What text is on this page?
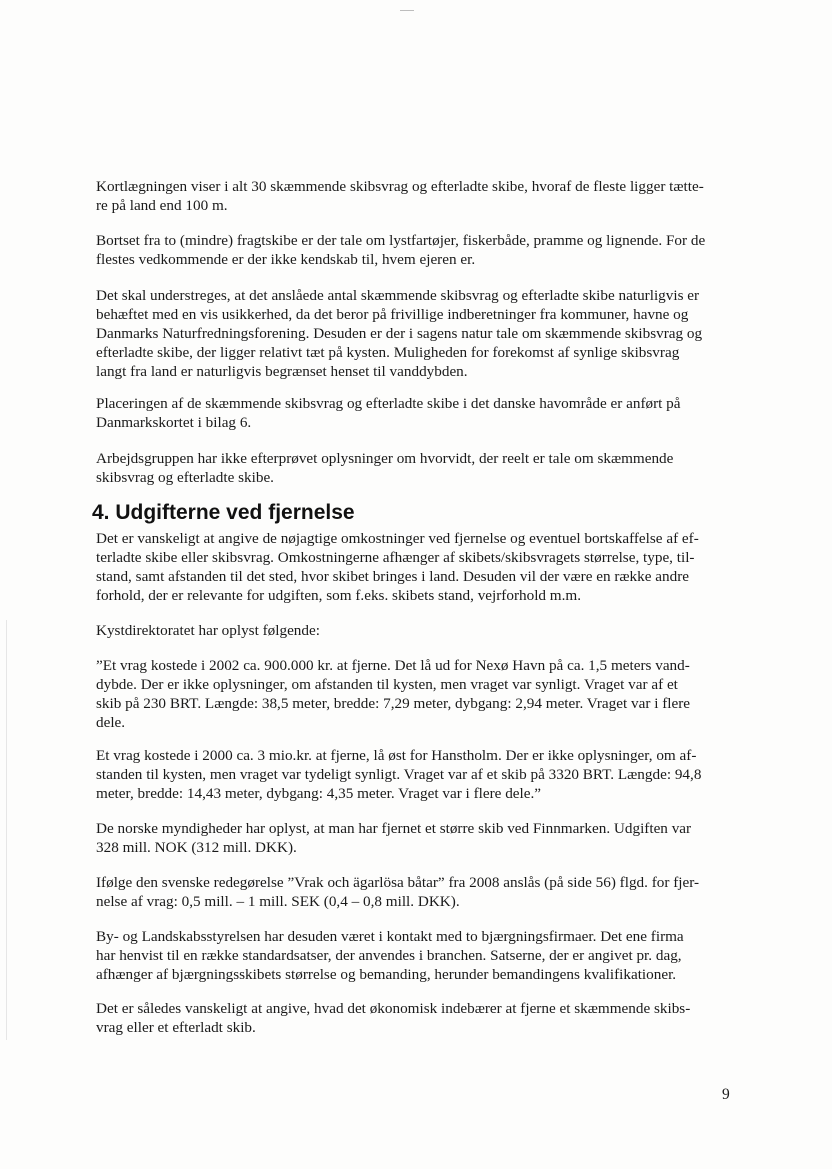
Kortlægningen viser i alt 30 skæmmende skibsvrag og efterladte skibe, hvoraf de fleste ligger tætte-
re på land end 100 m.

Bortset fra to (mindre) fragtskibe er der tale om lystfartøjer, fiskerbåde, pramme og lignende. For de
flestes vedkommende er der ikke kendskab til, hvem ejeren er.

Det skal understreges, at det anslåede antal skæmmende skibsvrag og efterladte skibe naturligvis er
behæftet med en vis usikkerhed, da det beror på frivillige indberetninger fra kommuner, havne og
Danmarks Naturfredningsforening. Desuden er der i sagens natur tale om skæmmende skibsvrag og
efterladte skibe, der ligger relativt tæt på kysten. Muligheden for forekomst af synlige skibsvrag
langt fra land er naturligvis begrænset henset til vanddybden.

Placeringen af de skæmmende skibsvrag og efterladte skibe i det danske havområde er anført på
Danmarkskortet i bilag 6.

Arbejdsgruppen har ikke efterprøvet oplysninger om hvorvidt, der reelt er tale om skæmmende
skibsvrag og efterladte skibe.

4. Udgifterne ved fjernelse

Det er vanskeligt at angive de nøjagtige omkostninger ved fjernelse og eventuel bortskaffelse af ef-
terladte skibe eller skibsvrag. Omkostningerne afhænger af skibets/skibsvragets størrelse, type, til-
stand, samt afstanden til det sted, hvor skibet bringes i land. Desuden vil der være en række andre
forhold, der er relevante for udgiften, som f.eks. skibets stand, vejrforhold m.m.

Kystdirektoratet har oplyst følgende:

”Et vrag kostede i 2002 ca. 900.000 kr. at fjerne. Det lå ud for Nexø Havn på ca. 1,5 meters vand-
dybde. Der er ikke oplysninger, om afstanden til kysten, men vraget var synligt. Vraget var af et
skib på 230 BRT. Længde: 38,5 meter, bredde: 7,29 meter, dybgang: 2,94 meter. Vraget var i flere
dele.

Et vrag kostede i 2000 ca. 3 mio.kr. at fjerne, lå øst for Hanstholm. Der er ikke oplysninger, om af-
standen til kysten, men vraget var tydeligt synligt. Vraget var af et skib på 3320 BRT. Længde: 94,8
meter, bredde: 14,43 meter, dybgang: 4,35 meter. Vraget var i flere dele.”

De norske myndigheder har oplyst, at man har fjernet et større skib ved Finnmarken. Udgiften var
328 mill. NOK (312 mill. DKK).

Ifølge den svenske redegørelse ”Vrak och ägarlösa båtar” fra 2008 anslås (på side 56) flgd. for fjer-
nelse af vrag: 0,5 mill. – 1 mill. SEK (0,4 – 0,8 mill. DKK).

By- og Landskabsstyrelsen har desuden været i kontakt med to bjærgningsfirmaer. Det ene firma
har henvist til en række standardsatser, der anvendes i branchen. Satserne, der er angivet pr. dag,
afhænger af bjærgningsskibets størrelse og bemanding, herunder bemandingens kvalifikationer.

Det er således vanskeligt at angive, hvad det økonomisk indebærer at fjerne et skæmmende skibs-
vrag eller et efterladt skib.

9
